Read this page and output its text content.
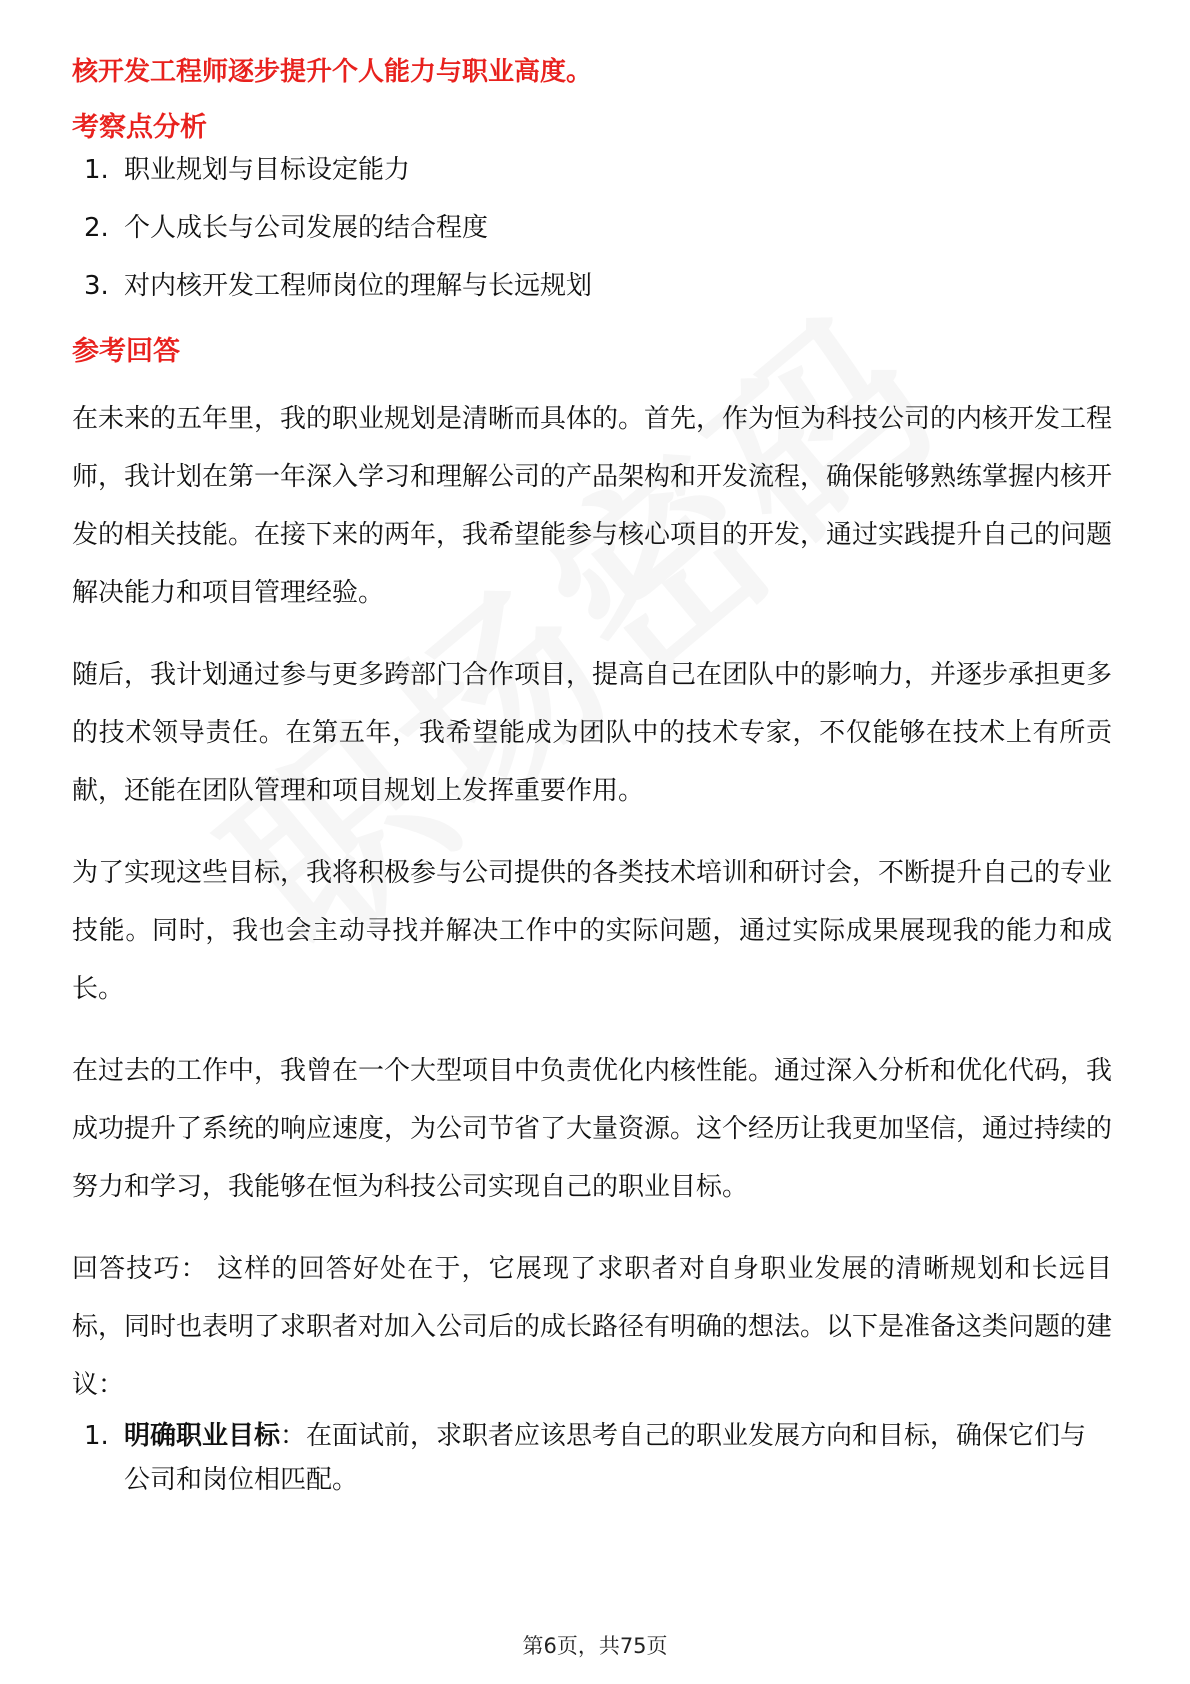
核开发工程师逐步提升个人能力与职业高度。

考察点分析
1. 职业规划与目标设定能力
2. 个人成长与公司发展的结合程度
3. 对内核开发工程师岗位的理解与长远规划
参考回答

在未来的五年里，我的职业规划是清晰而具体的。首先，作为恒为科技公司的内核开发工程师，我计划在第一年深入学习和理解公司的产品架构和开发流程，确保能够熟练掌握内核开发的相关技能。在接下来的两年，我希望能参与核心项目的开发，通过实践提升自己的问题解决能力和项目管理经验。

随后，我计划通过参与更多跨部门合作项目，提高自己在团队中的影响力，并逐步承担更多的技术领导责任。在第五年，我希望能成为团队中的技术专家，不仅能够在技术上有所贡献，还能在团队管理和项目规划上发挥重要作用。

为了实现这些目标，我将积极参与公司提供的各类技术培训和研讨会，不断提升自己的专业技能。同时，我也会主动寻找并解决工作中的实际问题，通过实际成果展现我的能力和成长。

在过去的工作中，我曾在一个大型项目中负责优化内核性能。通过深入分析和优化代码，我成功提升了系统的响应速度，为公司节省了大量资源。这个经历让我更加坚信，通过持续的努力和学习，我能够在恒为科技公司实现自己的职业目标。

回答技巧： 这样的回答好处在于，它展现了求职者对自身职业发展的清晰规划和长远目标，同时也表明了求职者对加入公司后的成长路径有明确的想法。以下是准备这类问题的建议：

1. 明确职业目标：在面试前，求职者应该思考自己的职业发展方向和目标，确保它们与公司和岗位相匹配。
第6页，共75页
